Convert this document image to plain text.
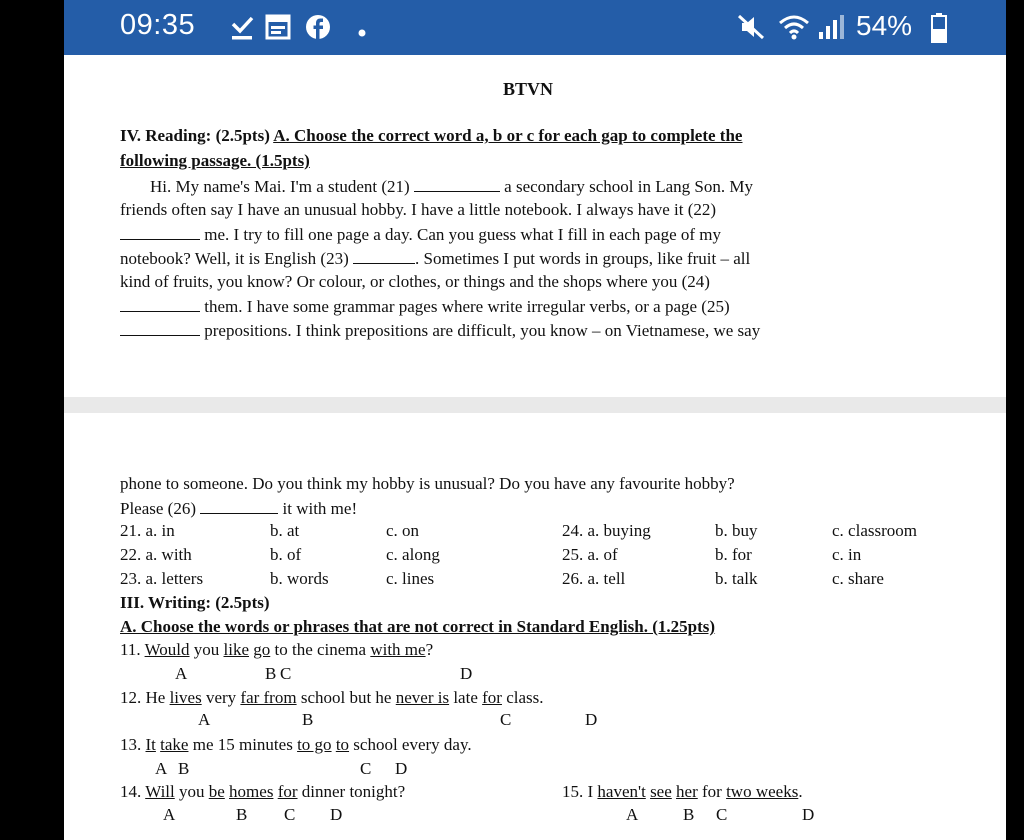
09:35	54%
BTVN
IV. Reading: (2.5pts) A. Choose the correct word a, b or c for each gap to complete the
following passage. (1.5pts)
Hi. My name's Mai. I'm a student (21)	a secondary school in Lang Son. My
friends often say I have an unusual hobby. I have a little notebook. I always have it (22)
me. I try to fill one page a day. Can you guess what I fill in each page of my
notebook? Well, it is English (23)	. Sometimes I put words in groups, like fruit – all
kind of fruits, you know? Or colour, or clothes, or things and the shops where you (24)
them. I have some grammar pages where write irregular verbs, or a page (25)
prepositions. I think prepositions are difficult, you know – on Vietnamese, we say
phone to someone. Do you think my hobby is unusual? Do you have any favourite hobby?
Please (26)	it with me!
21. a. in	b. at	c. on
22. a. with	b. of	c. along
23. a. letters	b. words	c. lines
24. a. buying	b. buy	c. classroom
25. a. of	b. for	c. in
26. a. tell	b. talk	c. share
III. Writing: (2.5pts)
A. Choose the words or phrases that are not correct in Standard English. (1.25pts)
11. Would you like go to the cinema with me?
A	B C	D
12. He lives very far from school but he never is late for class.
A	B	C	D
13. It take me 15 minutes to go to school every day.
A B	C D
14. Will you be homes for dinner tonight?
A	B C D
15. I haven't see her for two weeks.
A	B C	D
